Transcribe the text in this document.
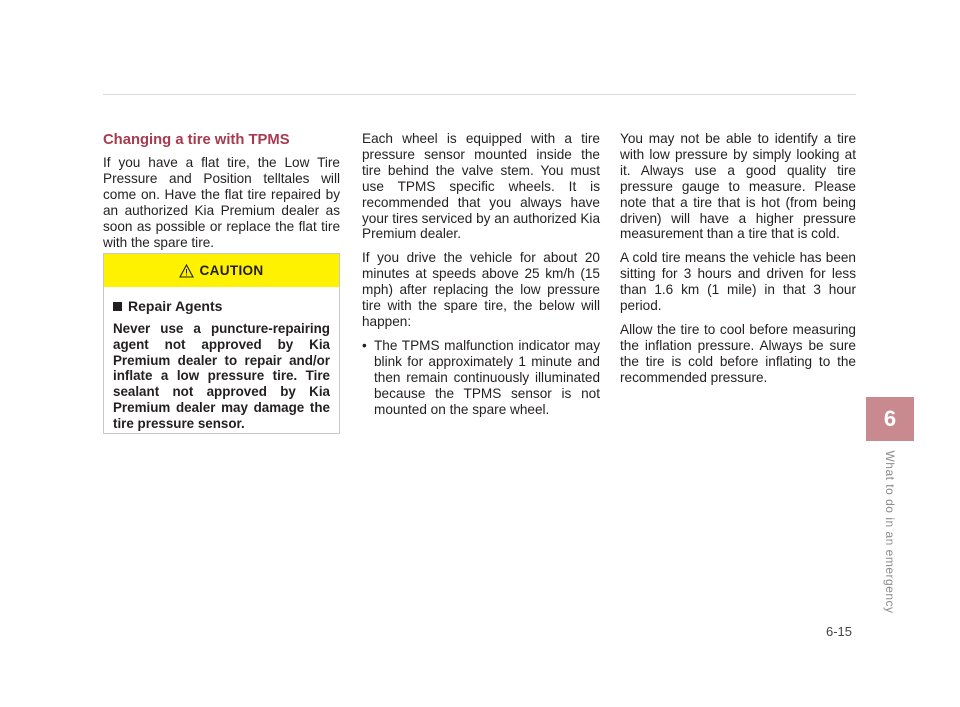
Changing a tire with TPMS

If you have a flat tire, the Low Tire Pressure and Position telltales will come on. Have the flat tire repaired by an authorized Kia Premium dealer as soon as possible or replace the flat tire with the spare tire.

CAUTION
Repair Agents

Never use a puncture-repairing agent not approved by Kia Premium dealer to repair and/or inflate a low pressure tire. Tire sealant not approved by Kia Premium dealer may damage the tire pressure sensor.

Each wheel is equipped with a tire pressure sensor mounted inside the tire behind the valve stem. You must use TPMS specific wheels. It is recommended that you always have your tires serviced by an authorized Kia Premium dealer.

If you drive the vehicle for about 20 minutes at speeds above 25 km/h (15 mph) after replacing the low pressure tire with the spare tire, the below will happen:

• The TPMS malfunction indicator may blink for approximately 1 minute and then remain continuously illuminated because the TPMS sensor is not mounted on the spare wheel.

You may not be able to identify a tire with low pressure by simply looking at it. Always use a good quality tire pressure gauge to measure. Please note that a tire that is hot (from being driven) will have a higher pressure measurement than a tire that is cold.

A cold tire means the vehicle has been sitting for 3 hours and driven for less than 1.6 km (1 mile) in that 3 hour period.

Allow the tire to cool before measuring the inflation pressure. Always be sure the tire is cold before inflating to the recommended pressure.

6
What to do in an emergency
6-15
